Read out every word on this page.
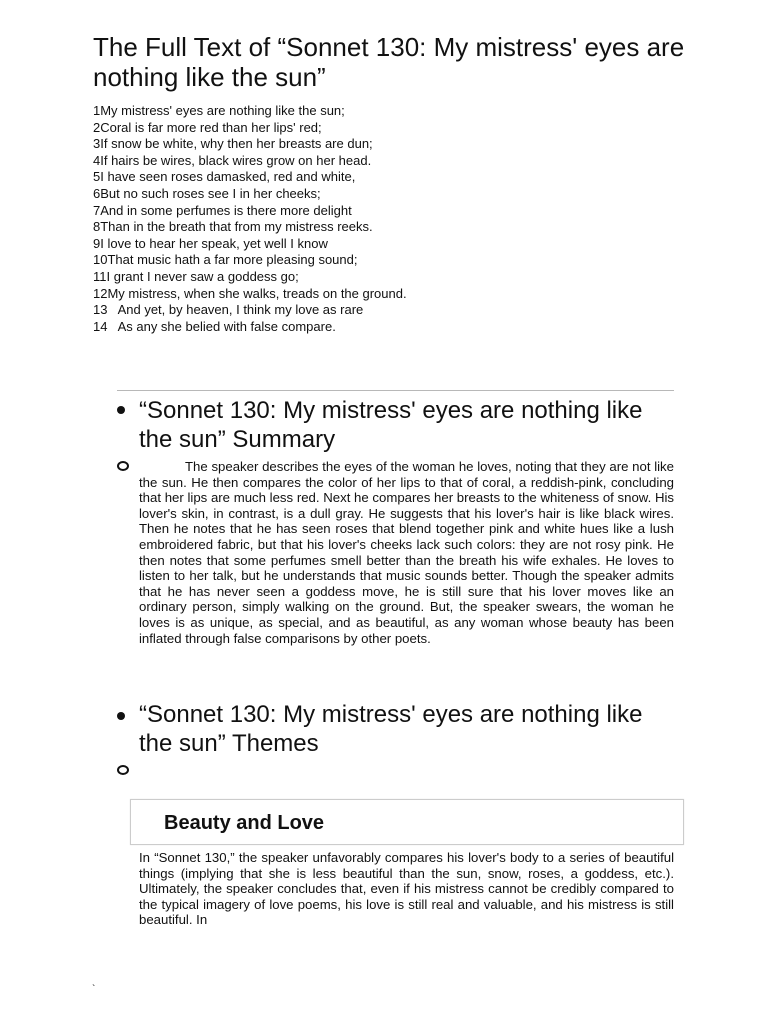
The Full Text of “Sonnet 130: My mistress' eyes are nothing like the sun”
1My mistress' eyes are nothing like the sun;
2Coral is far more red than her lips' red;
3If snow be white, why then her breasts are dun;
4If hairs be wires, black wires grow on her head.
5I have seen roses damasked, red and white,
6But no such roses see I in her cheeks;
7And in some perfumes is there more delight
8Than in the breath that from my mistress reeks.
9I love to hear her speak, yet well I know
10That music hath a far more pleasing sound;
11I grant I never saw a goddess go;
12My mistress, when she walks, treads on the ground.
13   And yet, by heaven, I think my love as rare
14   As any she belied with false compare.
“Sonnet 130: My mistress' eyes are nothing like the sun” Summary

The speaker describes the eyes of the woman he loves, noting that they are not like the sun. He then compares the color of her lips to that of coral, a reddish-pink, concluding that her lips are much less red. Next he compares her breasts to the whiteness of snow. His lover's skin, in contrast, is a dull gray. He suggests that his lover's hair is like black wires. Then he notes that he has seen roses that blend together pink and white hues like a lush embroidered fabric, but that his lover's cheeks lack such colors: they are not rosy pink. He then notes that some perfumes smell better than the breath his wife exhales. He loves to listen to her talk, but he understands that music sounds better. Though the speaker admits that he has never seen a goddess move, he is still sure that his lover moves like an ordinary person, simply walking on the ground. But, the speaker swears, the woman he loves is as unique, as special, and as beautiful, as any woman whose beauty has been inflated through false comparisons by other poets.

“Sonnet 130: My mistress' eyes are nothing like the sun” Themes
Beauty and Love

In “Sonnet 130,” the speaker unfavorably compares his lover's body to a series of beautiful things (implying that she is less beautiful than the sun, snow, roses, a goddess, etc.). Ultimately, the speaker concludes that, even if his mistress cannot be credibly compared to the typical imagery of love poems, his love is still real and valuable, and his mistress is still beautiful. In

`
